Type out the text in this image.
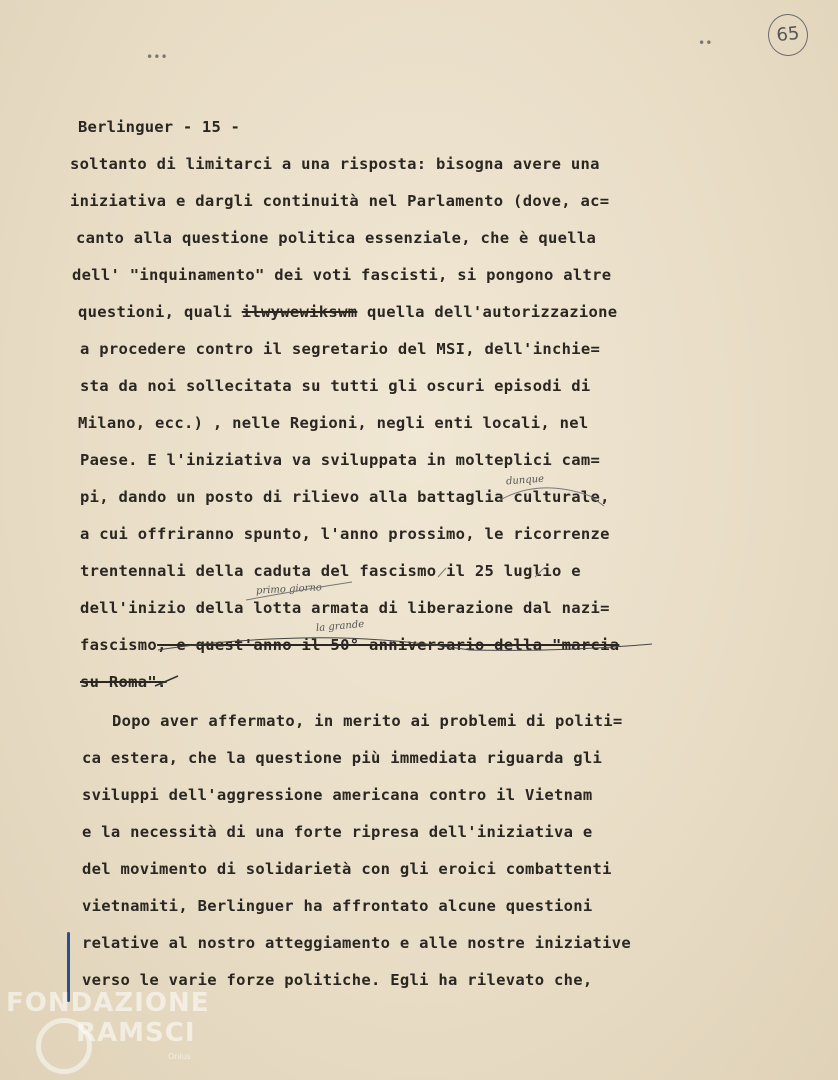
65
•••
••
Berlinguer - 15 -
soltanto di limitarci a una risposta: bisogna avere una
iniziativa e dargli continuità nel Parlamento (dove, ac=
canto alla questione politica essenziale, che è quella
dell' "inquinamento" dei voti fascisti, si pongono altre
questioni, quali ilwywewikswm quella dell'autorizzazione
a procedere contro il segretario del MSI, dell'inchie=
sta da noi sollecitata su tutti gli oscuri episodi di
Milano, ecc.) , nelle Regioni, negli enti locali, nel
Paese. E l'iniziativa va sviluppata in molteplici cam=
pi, dando un posto di rilievo alla battaglia culturale,
a cui offriranno spunto, l'anno prossimo, le ricorrenze
trentennali della caduta del fascismo il 25 luglio e
dell'inizio della lotta armata di liberazione dal nazi=
fascismo, e quest'anno il 50° anniversario della "marcia
su Roma".
Dopo aver affermato, in merito ai problemi di politi=
ca estera, che la questione più immediata riguarda gli
sviluppi dell'aggressione americana contro il Vietnam
e la necessità di una forte ripresa dell'iniziativa e
del movimento di solidarietà con gli eroici combattenti
vietnamiti, Berlinguer ha affrontato alcune questioni
relative al nostro atteggiamento e alle nostre iniziative
verso le varie forze politiche. Egli ha rilevato che,
dunque
primo giorno
la grande
FONDAZIONE
RAMSCI
Onlus
